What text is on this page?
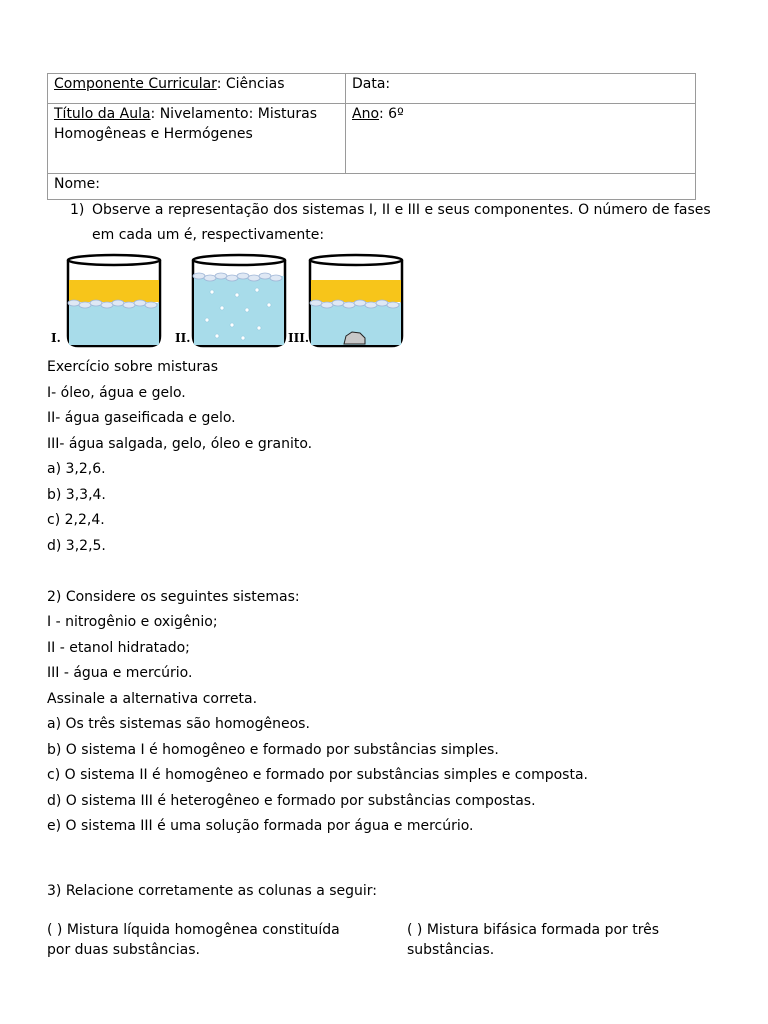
Componente Curricular: Ciências	Data:
Título da Aula: Nivelamento: Misturas Homogêneas e Hermógenes	Ano: 6º
Nome:	
1) Observe a representação dos sistemas I, II e III e seus componentes. O número de fases em cada um é, respectivamente:
I.	II.	III.
Exercício sobre misturas
I- óleo, água e gelo.
II- água gaseificada e gelo.
III- água salgada, gelo, óleo e granito.
a) 3,2,6.
b) 3,3,4.
c) 2,2,4.
d) 3,2,5.
2) Considere os seguintes sistemas:
I - nitrogênio e oxigênio;
II - etanol hidratado;
III - água e mercúrio.
Assinale a alternativa correta.
a) Os três sistemas são homogêneos.
b) O sistema I é homogêneo e formado por substâncias simples.
c) O sistema II é homogêneo e formado por substâncias simples e composta.
d) O sistema III é heterogêneo e formado por substâncias compostas.
e) O sistema III é uma solução formada por água e mercúrio.
3) Relacione corretamente as colunas a seguir:
( ) Mistura líquida homogênea constituída por duas substâncias.
( ) Mistura bifásica formada por três substâncias.
